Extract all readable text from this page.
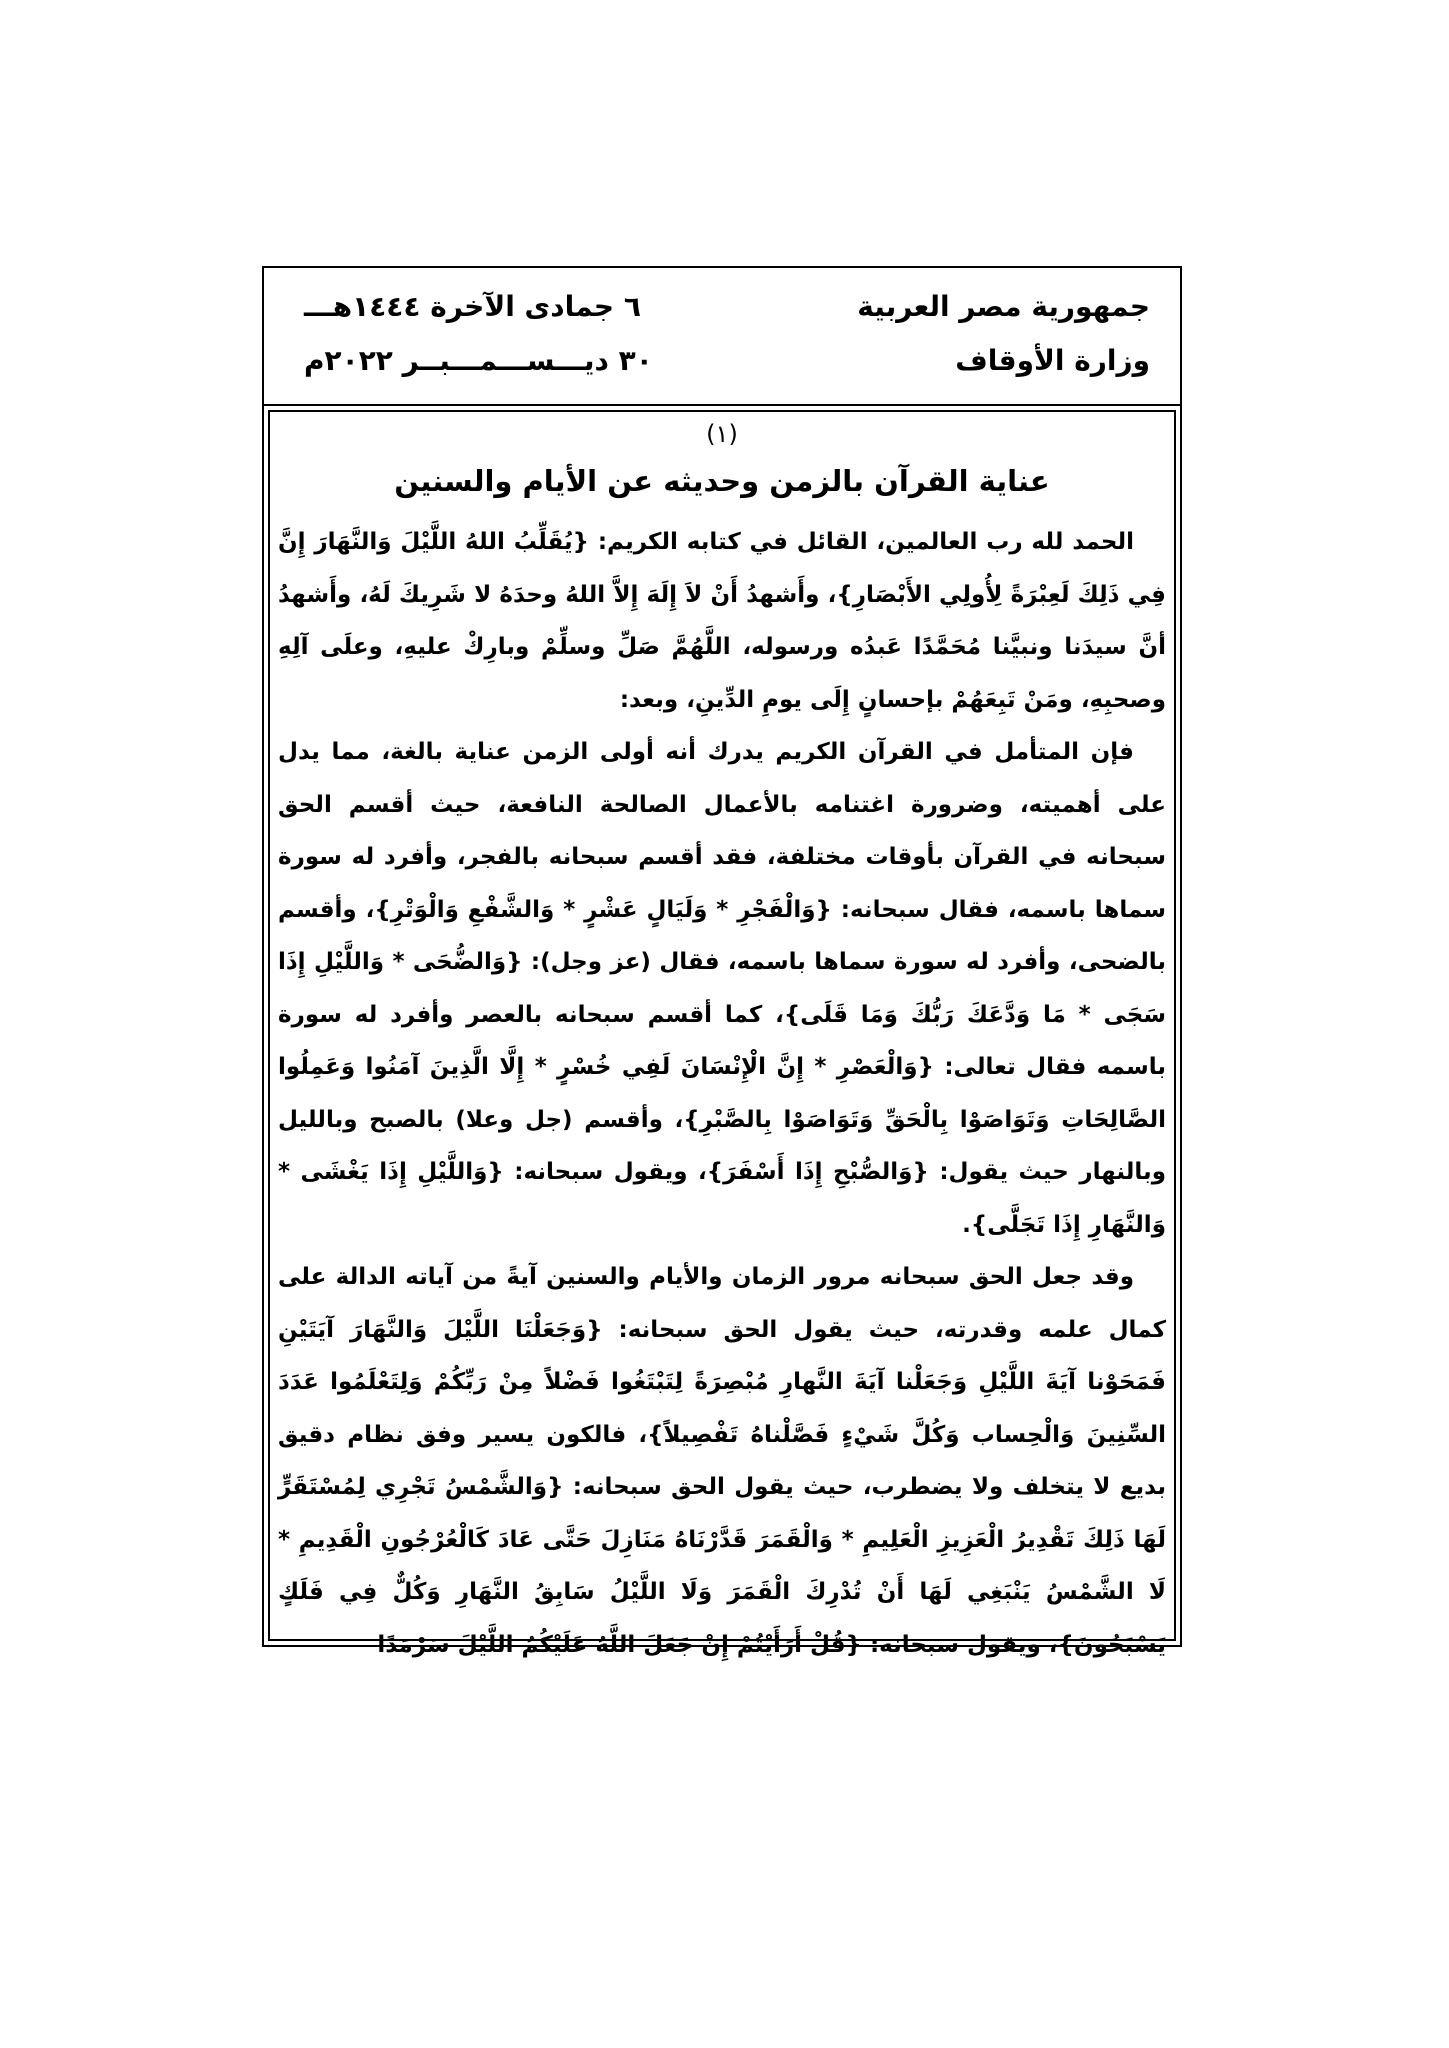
جمهورية مصر العربية
وزارة الأوقاف
٦ جمادى الآخرة ١٤٤٤هـــ
٣٠ ديـــســـمـــبــر ٢٠٢٢م
(١)
عناية القرآن بالزمن وحديثه عن الأيام والسنين

الحمد لله رب العالمين، القائل في كتابه الكريم: {يُقَلِّبُ اللهُ اللَّيْلَ وَالنَّهَارَ إِنَّ فِي ذَلِكَ لَعِبْرَةً لِأُولِي الأَبْصَارِ}، وأَشهدُ أَنْ لاَ إِلَهَ إِلاَّ اللهُ وحدَهُ لا شَرِيكَ لَهُ، وأَشهدُ أنَّ سيدَنا ونبيَّنا مُحَمَّدًا عَبدُه ورسوله، اللَّهُمَّ صَلِّ وسلِّمْ وبارِكْ عليهِ، وعلَى آلِهِ وصحبِهِ، ومَنْ تَبِعَهُمْ بإحسانٍ إِلَى يومِ الدِّينِ، وبعد:

فإن المتأمل في القرآن الكريم يدرك أنه أولى الزمن عناية بالغة، مما يدل على أهميته، وضرورة اغتنامه بالأعمال الصالحة النافعة، حيث أقسم الحق سبحانه في القرآن بأوقات مختلفة، فقد أقسم سبحانه بالفجر، وأفرد له سورة سماها باسمه، فقال سبحانه: {وَالْفَجْرِ * وَلَيَالٍ عَشْرٍ * وَالشَّفْعِ وَالْوَتْرِ}، وأقسم بالضحى، وأفرد له سورة سماها باسمه، فقال (عز وجل): {وَالضُّحَى * وَاللَّيْلِ إِذَا سَجَى * مَا وَدَّعَكَ رَبُّكَ وَمَا قَلَى}، كما أقسم سبحانه بالعصر وأفرد له سورة باسمه فقال تعالى: {وَالْعَصْرِ * إِنَّ الْإِنْسَانَ لَفِي خُسْرٍ * إِلَّا الَّذِينَ آمَنُوا وَعَمِلُوا الصَّالِحَاتِ وَتَوَاصَوْا بِالْحَقِّ وَتَوَاصَوْا بِالصَّبْرِ}، وأقسم (جل وعلا) بالصبح وبالليل وبالنهار حيث يقول: {وَالصُّبْحِ إِذَا أَسْفَرَ}، ويقول سبحانه: {وَاللَّيْلِ إِذَا يَغْشَى * وَالنَّهَارِ إِذَا تَجَلَّى}.

وقد جعل الحق سبحانه مرور الزمان والأيام والسنين آيةً من آياته الدالة على كمال علمه وقدرته، حيث يقول الحق سبحانه: {وَجَعَلْنَا اللَّيْلَ وَالنَّهَارَ آيَتَيْنِ فَمَحَوْنا آيَةَ اللَّيْلِ وَجَعَلْنا آيَةَ النَّهارِ مُبْصِرَةً لِتَبْتَغُوا فَضْلاً مِنْ رَبِّكُمْ وَلِتَعْلَمُوا عَدَدَ السِّنِينَ وَالْحِساب وَكُلَّ شَيْءٍ فَصَّلْناهُ تَفْصِيلاً}، فالكون يسير وفق نظام دقيق بديع لا يتخلف ولا يضطرب، حيث يقول الحق سبحانه: {وَالشَّمْسُ تَجْرِي لِمُسْتَقَرٍّ لَهَا ذَلِكَ تَقْدِيرُ الْعَزِيزِ الْعَلِيمِ * وَالْقَمَرَ قَدَّرْنَاهُ مَنَازِلَ حَتَّى عَادَ كَالْعُرْجُونِ الْقَدِيمِ * لَا الشَّمْسُ يَنْبَغِي لَهَا أَنْ تُدْرِكَ الْقَمَرَ وَلَا اللَّيْلُ سَابِقُ النَّهَارِ وَكُلٌّ فِي فَلَكٍ يَسْبَحُونَ}، ويقول سبحانه: {قُلْ أَرَأَيْتُمْ إِنْ جَعَلَ اللَّهُ عَلَيْكُمُ اللَّيْلَ سَرْمَدًا
